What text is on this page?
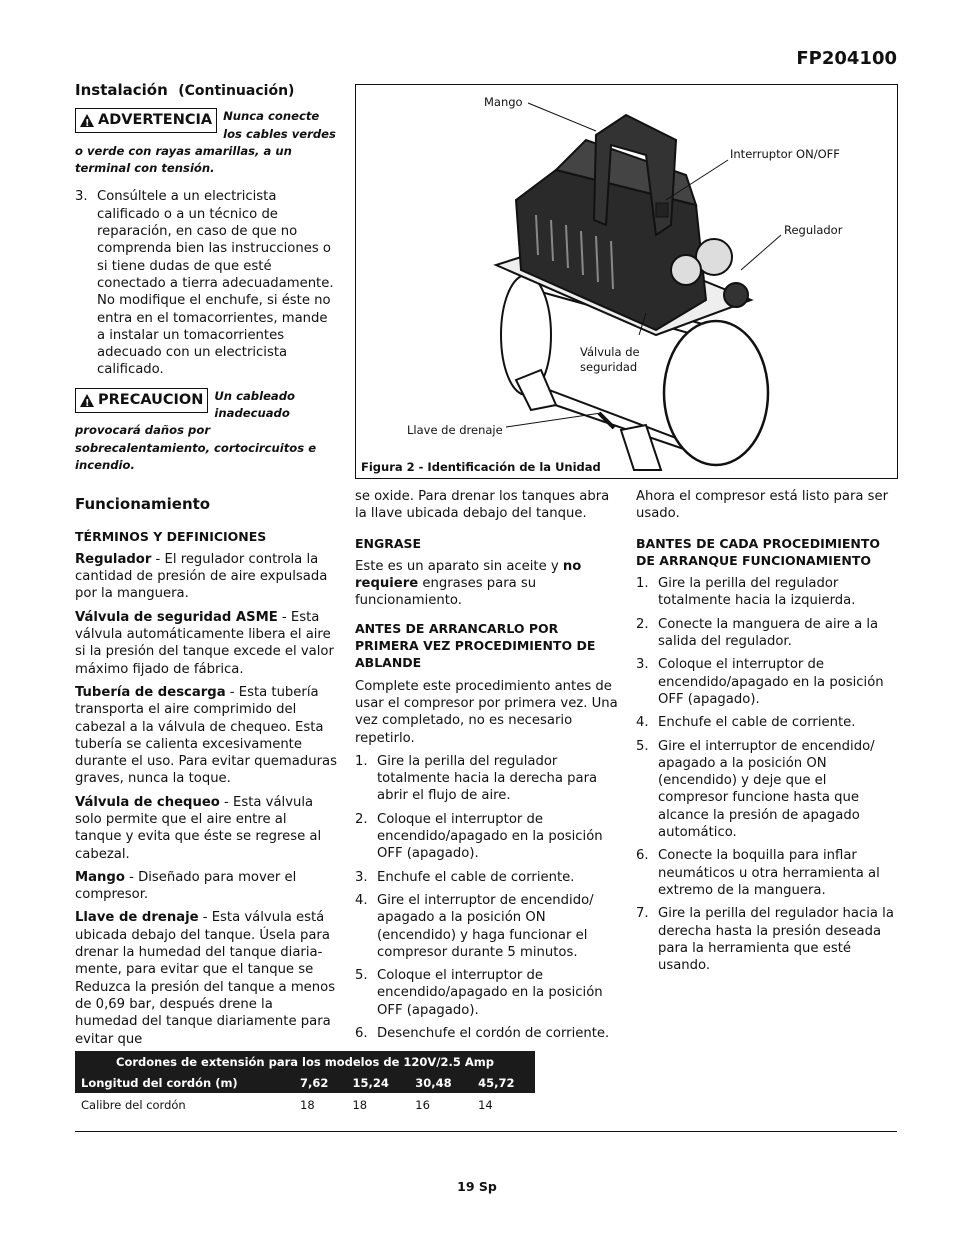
FP204100
Instalación (Continuación)
!
ADVERTENCIA Nunca conecte los cables verdes o verde con rayas amarillas, a un terminal con tensión.
3. Consúltele a un electricista calificado o a un técnico de reparación, en caso de que no comprenda bien las instrucciones o si tiene dudas de que esté conectado a tierra adecuadamente. No modifique el enchufe, si éste no entra en el tomacorrientes, mande a instalar un tomacorrientes adecuado con un electricista calificado.
!
PRECAUCION Un cableado inadecuado provocará daños por sobrecalentamiento, cortocircuitos e incendio.
Funcionamiento
TÉRMINOS Y DEFINICIONES

Regulador - El regulador controla la cantidad de presión de aire expulsada por la manguera.

Válvula de seguridad ASME - Esta válvula automáticamente libera el aire si la presión del tanque excede el valor máximo fijado de fábrica.

Tubería de descarga - Esta tubería transporta el aire comprimido del cabezal a la válvula de chequeo. Esta tubería se calienta excesivamente durante el uso. Para evitar quemaduras graves, nunca la toque.

Válvula de chequeo - Esta válvula solo permite que el aire entre al tanque y evita que éste se regrese al cabezal.

Mango - Diseñado para mover el compresor.

Llave de drenaje - Esta válvula está ubicada debajo del tanque. Úsela para drenar la humedad del tanque diaria-mente, para evitar que el tanque se Reduzca la presión del tanque a menos de 0,69 bar, después drene la humedad del tanque diariamente para evitar que

Mango
Interruptor ON/OFF
Regulador
Válvula de seguridad
Llave de drenaje
Figura 2 - Identificación de la Unidad

se oxide. Para drenar los tanques abra la llave ubicada debajo del tanque.

ENGRASE

Este es un aparato sin aceite y no requiere engrases para su funcionamiento.

ANTES DE ARRANCARLO POR PRIMERA VEZ PROCEDIMIENTO DE ABLANDE

Complete este procedimiento antes de usar el compresor por primera vez. Una vez completado, no es necesario repetirlo.

1. Gire la perilla del regulador totalmente hacia la derecha para abrir el flujo de aire.
2. Coloque el interruptor de encendido/apagado en la posición OFF (apagado).
3. Enchufe el cable de corriente.
4. Gire el interruptor de encendido/ apagado a la posición ON (encendido) y haga funcionar el compresor durante 5 minutos.
5. Coloque el interruptor de encendido/apagado en la posición OFF (apagado).
6. Desenchufe el cordón de corriente.

Ahora el compresor está listo para ser usado.

BANTES DE CADA PROCEDIMIENTO DE ARRANQUE FUNCIONAMIENTO
1. Gire la perilla del regulador totalmente hacia la izquierda.
2. Conecte la manguera de aire a la salida del regulador.
3. Coloque el interruptor de encendido/apagado en la posición OFF (apagado).
4. Enchufe el cable de corriente.
5. Gire el interruptor de encendido/ apagado a la posición ON (encendido) y deje que el compresor funcione hasta que alcance la presión de apagado automático.
6. Conecte la boquilla para inflar neumáticos u otra herramienta al extremo de la manguera.
7. Gire la perilla del regulador hacia la derecha hasta la presión deseada para la herramienta que esté usando.
Cordones de extensión para los modelos de 120V/2.5 Amp				
Longitud del cordón (m)	7,62	15,24	30,48	45,72
Calibre del cordón	18	18	16	14
19 Sp
